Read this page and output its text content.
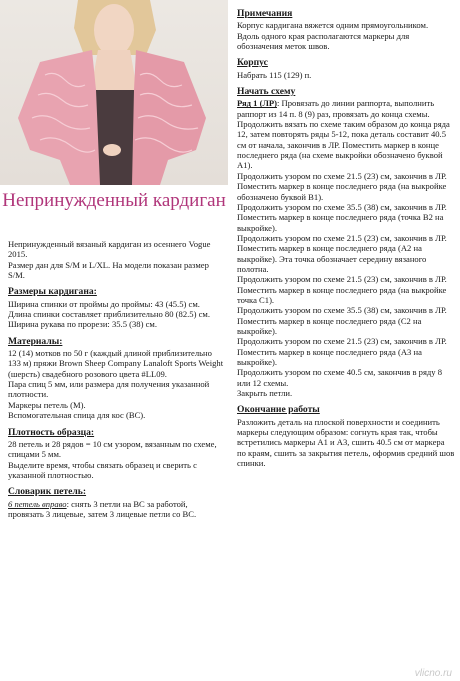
Непринужденный кардиган

Непринужденный вязаный кардиган из осеннего Vogue 2015.

Размер дан для S/M и L/XL. На модели показан размер S/M.

Размеры кардигана:

Ширина спинки от проймы до проймы: 43 (45.5) см.

Длина спинки составляет приблизительно 80 (82.5) см.

Ширина рукава по прорези: 35.5 (38) см.

Материалы:

12 (14) мотков по 50 г (каждый длиной приблизительно 133 м) пряжи Brown Sheep Company Lanaloft Sports Weight (шерсть) свадебного розового цвета #LL09.

Пара спиц 5 мм, или размера для получения указанной плотности.

Маркеры петель (М).

Вспомогательная спица для кос (ВС).

Плотность образца:

28 петель и 28 рядов = 10 см узором, вязанным по схеме, спицами 5 мм.

Выделите время, чтобы связать образец и сверить с указанной плотностью.

Словарик петель:

6 петель вправо: снять 3 петли на ВС за работой, провязать 3 лицевые, затем 3 лицевые петли со ВС.

Примечания

Корпус кардигана вяжется одним прямоугольником.

Вдоль одного края располагаются маркеры для обозначения меток швов.

Корпус

Набрать 115 (129) п.

Начать схему

Ряд 1 (ЛР): Провязать до линии раппорта, выполнить раппорт из 14 п. 8 (9) раз, провязать до конца схемы.

Продолжить вязать по схеме таким образом до конца ряда 12, затем повторять ряды 5-12, пока деталь составит 40.5 см от начала, закончив в ЛР. Поместить маркер в конце последнего ряда (на схеме выкройки обозначено буквой A1).

Продолжить узором по схеме 21.5 (23) см, закончив в ЛР. Поместить маркер в конце последнего ряда (на выкройке обозначено буквой B1).

Продолжить узором по схеме 35.5 (38) см, закончив в ЛР. Поместить маркер в конце последнего ряда (точка B2 на выкройке).

Продолжить узором по схеме 21.5 (23) см, закончив в ЛР. Поместить маркер в конце последнего ряда (A2 на выкройке). Эта точка обозначает середину вязаного полотна.

Продолжить узором по схеме 21.5 (23) см, закончив в ЛР. Поместить маркер в конце последнего ряда (на выкройке точка C1).

Продолжить узором по схеме 35.5 (38) см, закончив в ЛР. Поместить маркер в конце последнего ряда (C2 на выкройке).

Продолжить узором по схеме 21.5 (23) см, закончив в ЛР. Поместить маркер в конце последнего ряда (A3 на выкройке).

Продолжить узором по схеме 40.5 см, закончив в ряду 8 или 12 схемы.

Закрыть петли.

Окончание работы

Разложить деталь на плоской поверхности и соединить маркеры следующим образом: согнуть края так, чтобы встретились маркеры A1 и A3, сшить 40.5 см от маркера по краям, сшить за закрытия петель, оформив средний шов спинки.

vlicno.ru
